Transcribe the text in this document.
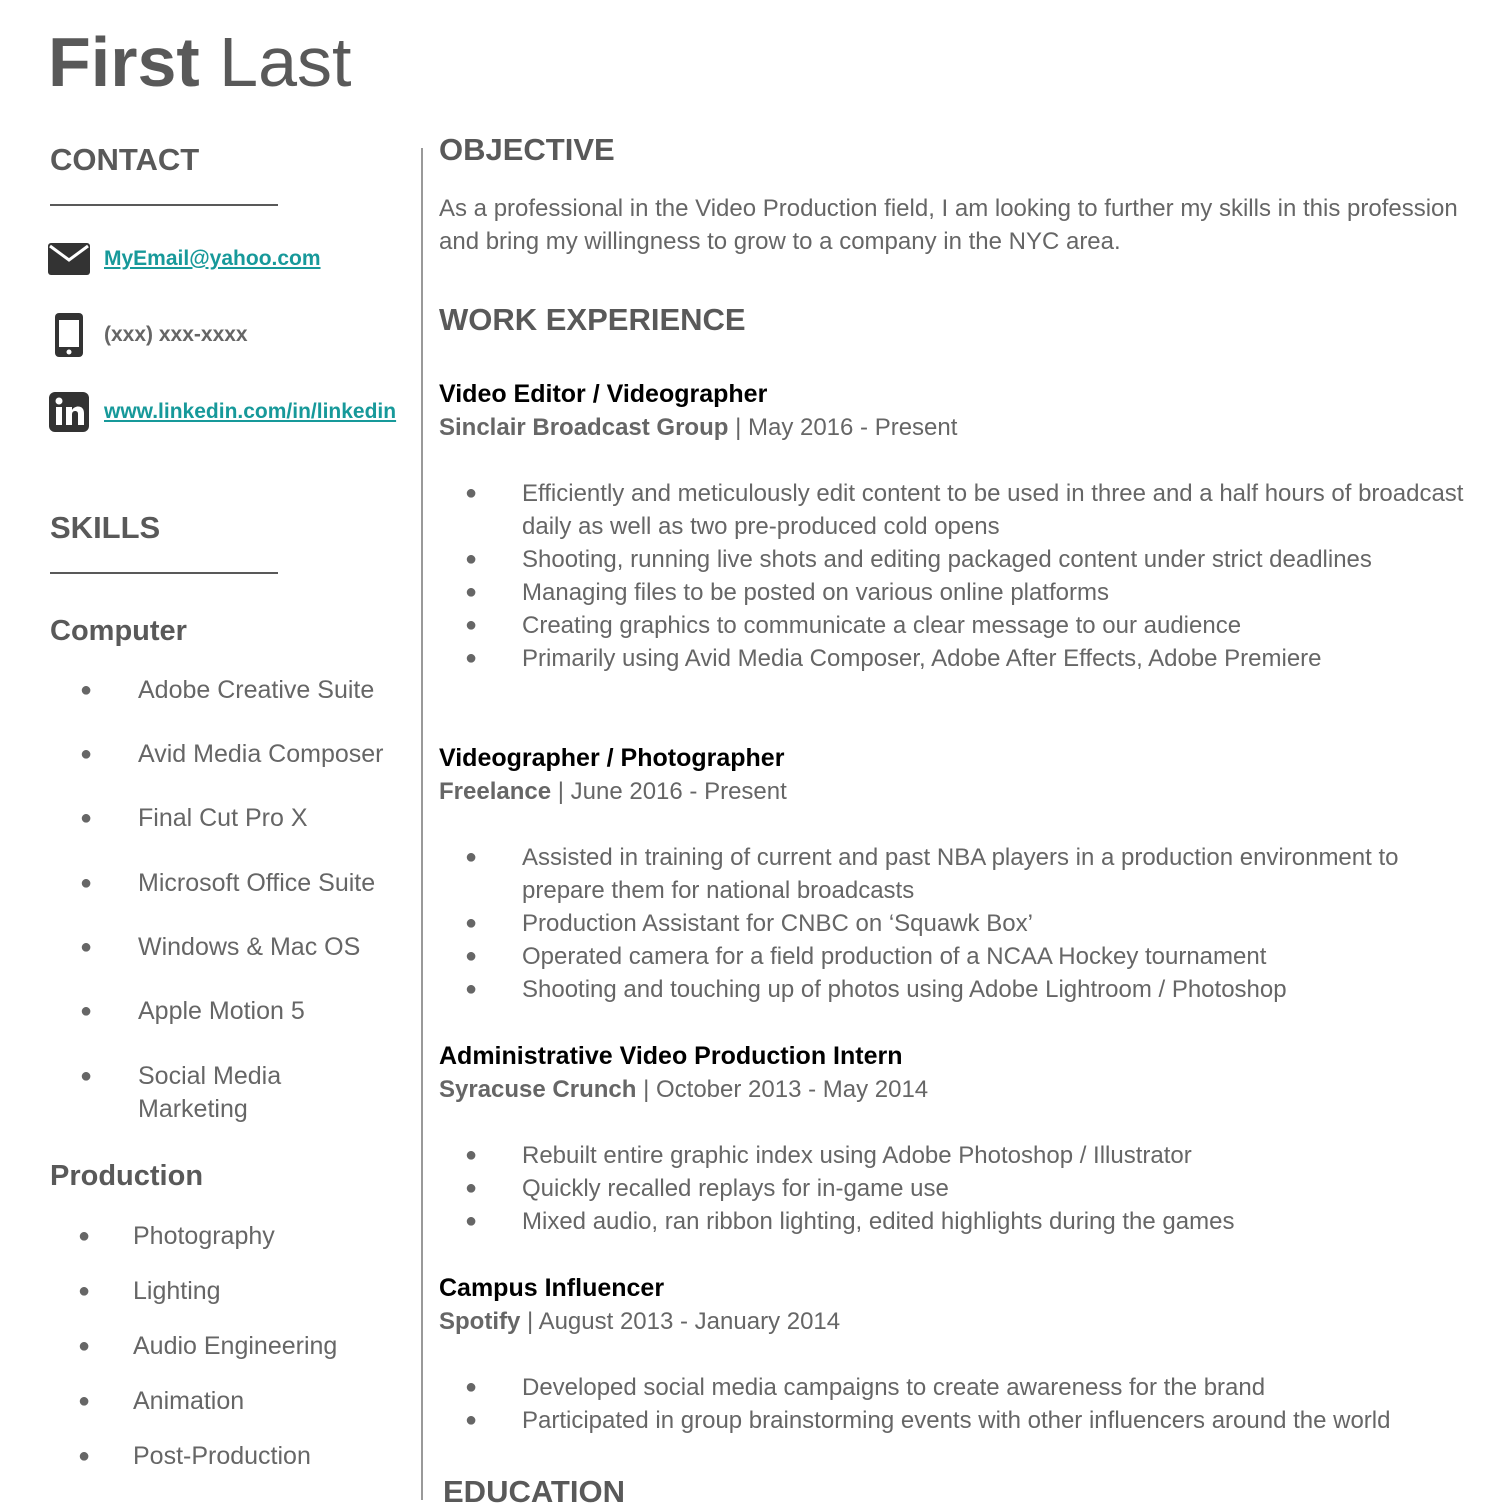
First Last
CONTACT
MyEmail@yahoo.com
(xxx) xxx-xxxx
www.linkedin.com/in/linkedin
SKILLS
Computer
● Adobe Creative Suite
● Avid Media Composer
● Final Cut Pro X
● Microsoft Office Suite
● Windows & Mac OS
● Apple Motion 5
● Social Media Marketing
Production
● Photography
● Lighting
● Audio Engineering
● Animation
● Post-Production
OBJECTIVE
As a professional in the Video Production field, I am looking to further my skills in this profession and bring my willingness to grow to a company in the NYC area.
WORK EXPERIENCE
Video Editor / Videographer
Sinclair Broadcast Group | May 2016 - Present
● Efficiently and meticulously edit content to be used in three and a half hours of broadcast daily as well as two pre-produced cold opens
● Shooting, running live shots and editing packaged content under strict deadlines
● Managing files to be posted on various online platforms
● Creating graphics to communicate a clear message to our audience
● Primarily using Avid Media Composer, Adobe After Effects, Adobe Premiere
Videographer / Photographer
Freelance | June 2016 - Present
● Assisted in training of current and past NBA players in a production environment to prepare them for national broadcasts
● Production Assistant for CNBC on ‘Squawk Box’
● Operated camera for a field production of a NCAA Hockey tournament
● Shooting and touching up of photos using Adobe Lightroom / Photoshop
Administrative Video Production Intern
Syracuse Crunch | October 2013 - May 2014
● Rebuilt entire graphic index using Adobe Photoshop / Illustrator
● Quickly recalled replays for in-game use
● Mixed audio, ran ribbon lighting, edited highlights during the games
Campus Influencer
Spotify | August 2013 - January 2014
● Developed social media campaigns to create awareness for the brand
● Participated in group brainstorming events with other influencers around the world
EDUCATION
